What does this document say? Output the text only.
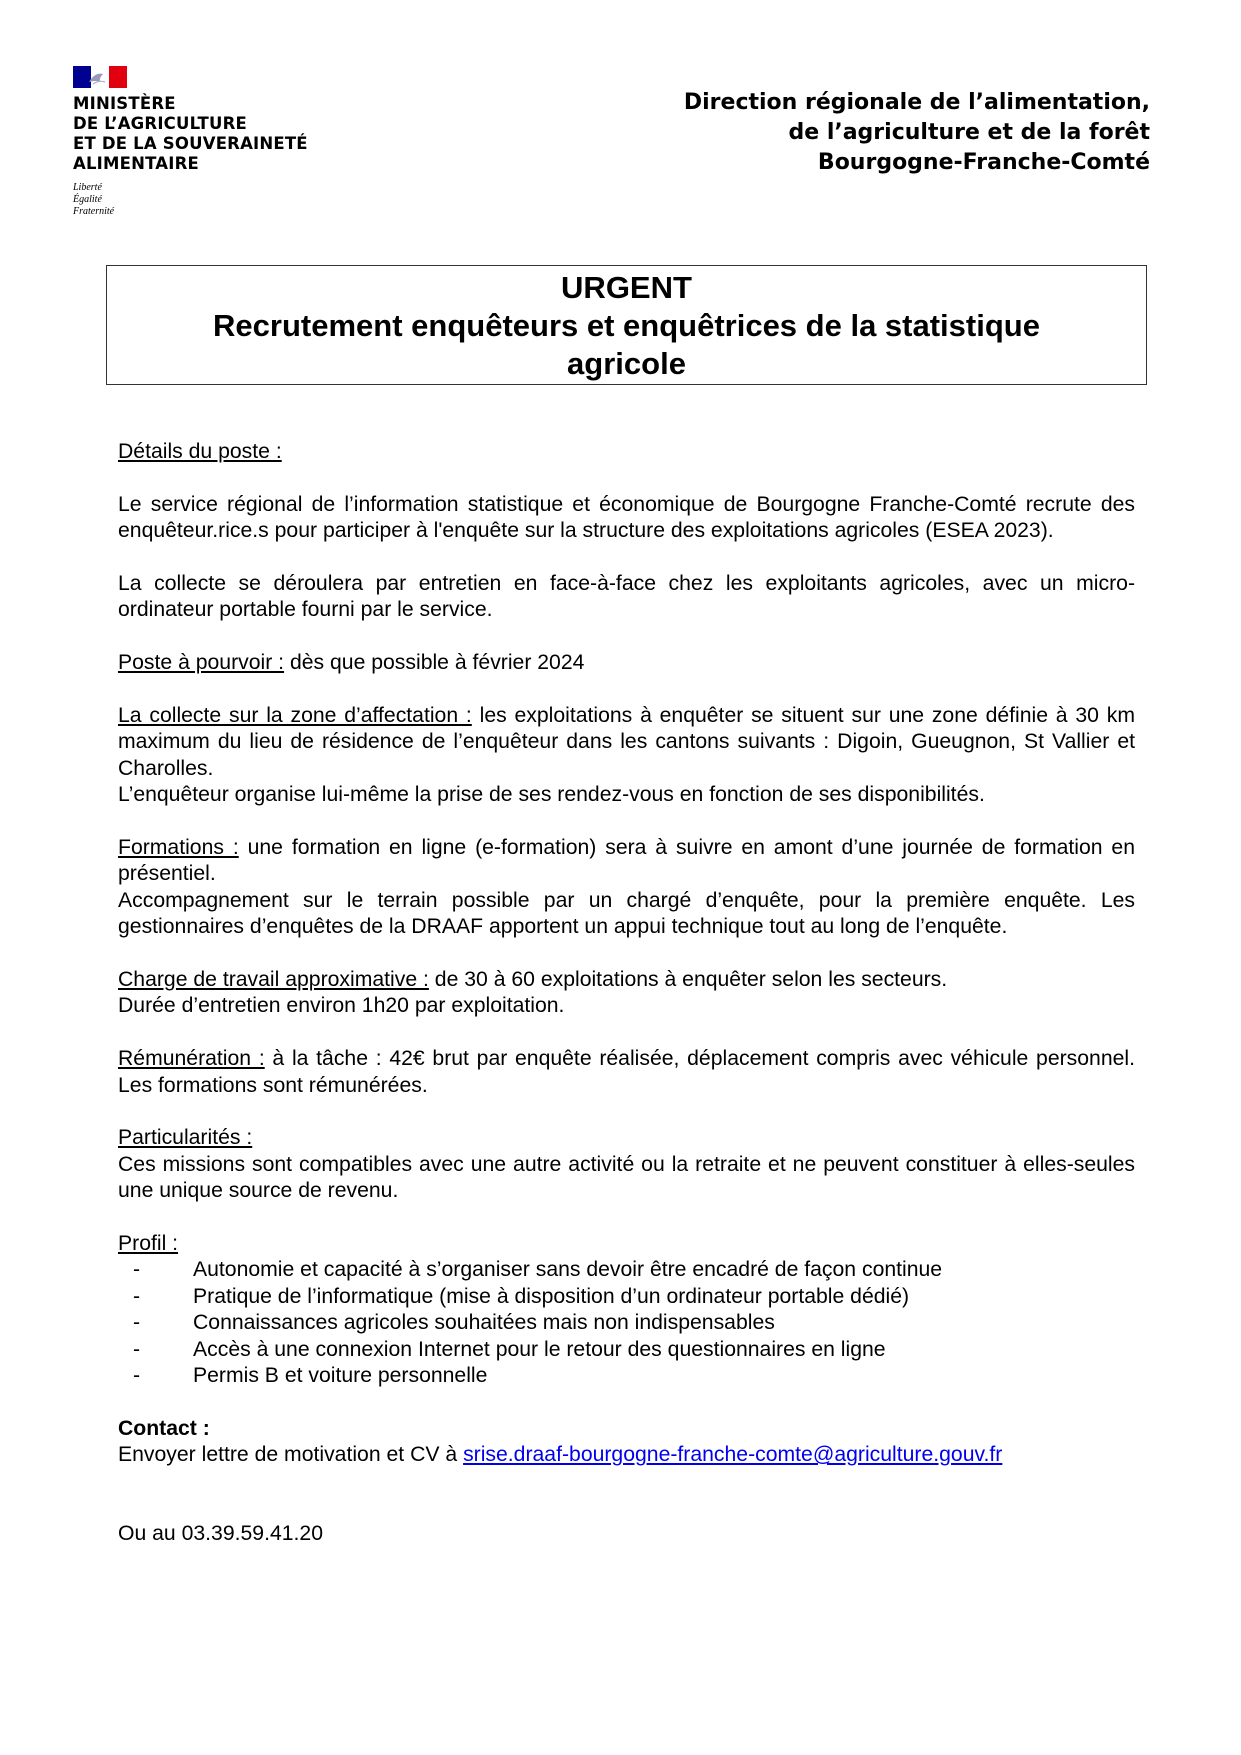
MINISTÈRE
DE L’AGRICULTURE
ET DE LA SOUVERAINETÉ
ALIMENTAIRE
Liberté
Égalité
Fraternité
Direction régionale de l’alimentation,
de l’agriculture et de la forêt
Bourgogne-Franche-Comté
URGENT
Recrutement enquêteurs et enquêtrices de la statistique
agricole

Détails du poste :

Le service régional de l’information statistique et économique de Bourgogne Franche-Comté recrute des enquêteur.rice.s pour participer à l'enquête sur la structure des exploitations agricoles (ESEA 2023).

La collecte se déroulera par entretien en face-à-face chez les exploitants agricoles, avec un micro-ordinateur portable fourni par le service.

Poste à pourvoir : dès que possible à février 2024

La collecte sur la zone d’affectation : les exploitations à enquêter se situent sur une zone définie à 30 km maximum du lieu de résidence de l’enquêteur dans les cantons suivants : Digoin, Gueugnon, St Vallier et Charolles.

L’enquêteur organise lui-même la prise de ses rendez-vous en fonction de ses disponibilités.

Formations : une formation en ligne (e-formation) sera à suivre en amont d’une journée de formation en présentiel.

Accompagnement sur le terrain possible par un chargé d’enquête, pour la première enquête. Les gestionnaires d’enquêtes de la DRAAF apportent un appui technique tout au long de l’enquête.

Charge de travail approximative : de 30 à 60 exploitations à enquêter selon les secteurs.

Durée d’entretien environ 1h20 par exploitation.

Rémunération : à la tâche : 42€ brut par enquête réalisée, déplacement compris avec véhicule personnel. Les formations sont rémunérées.

Particularités :

Ces missions sont compatibles avec une autre activité ou la retraite et ne peuvent constituer à elles-seules une unique source de revenu.

Profil :

- Autonomie et capacité à s’organiser sans devoir être encadré de façon continue
- Pratique de l’informatique (mise à disposition d’un ordinateur portable dédié)
- Connaissances agricoles souhaitées mais non indispensables
- Accès à une connexion Internet pour le retour des questionnaires en ligne
- Permis B et voiture personnelle

Contact :

Envoyer lettre de motivation et CV à srise.draaf-bourgogne-franche-comte@agriculture.gouv.fr

Ou au 03.39.59.41.20
